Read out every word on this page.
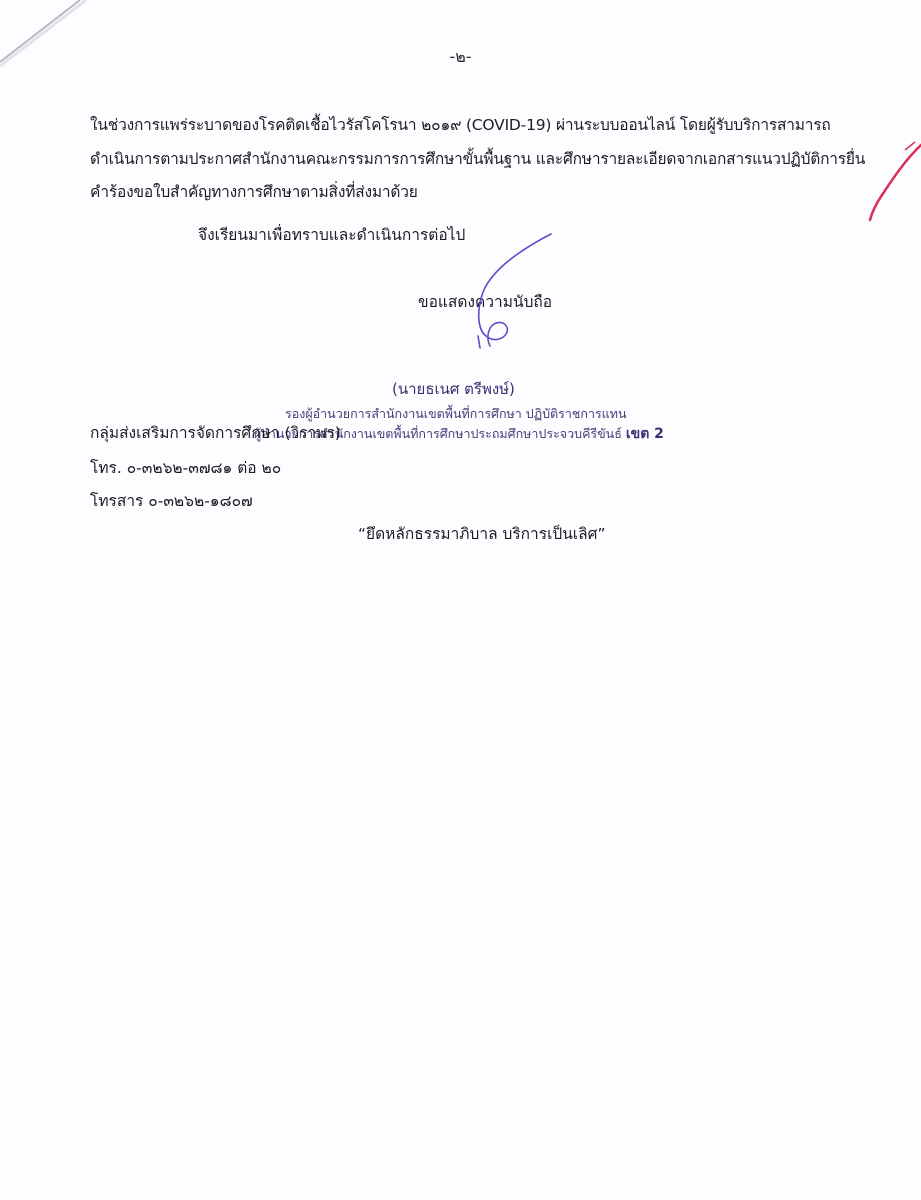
-๒-
ในช่วงการแพร่ระบาดของโรคติดเชื้อไวรัสโคโรนา ๒๐๑๙ (COVID-19) ผ่านระบบออนไลน์ โดยผู้รับบริการสามารถ
ดำเนินการตามประกาศสำนักงานคณะกรรมการการศึกษาขั้นพื้นฐาน และศึกษารายละเอียดจากเอกสารแนวปฏิบัติการยื่น
คำร้องขอใบสำคัญทางการศึกษาตามสิ่งที่ส่งมาด้วย
จึงเรียนมาเพื่อทราบและดำเนินการต่อไป
ขอแสดงความนับถือ
(นายธเนศ ตรีพงษ์)
รองผู้อำนวยการสำนักงานเขตพื้นที่การศึกษา ปฏิบัติราชการแทน
ผู้อำนวยการสำนักงานเขตพื้นที่การศึกษาประถมศึกษาประจวบคีรีขันธ์ เขต 2
กลุ่มส่งเสริมการจัดการศึกษา (วิราพร)
โทร. ๐-๓๒๖๒-๓๗๘๑ ต่อ ๒๐
โทรสาร ๐-๓๒๖๒-๑๘๐๗
“ยึดหลักธรรมาภิบาล บริการเป็นเลิศ”
